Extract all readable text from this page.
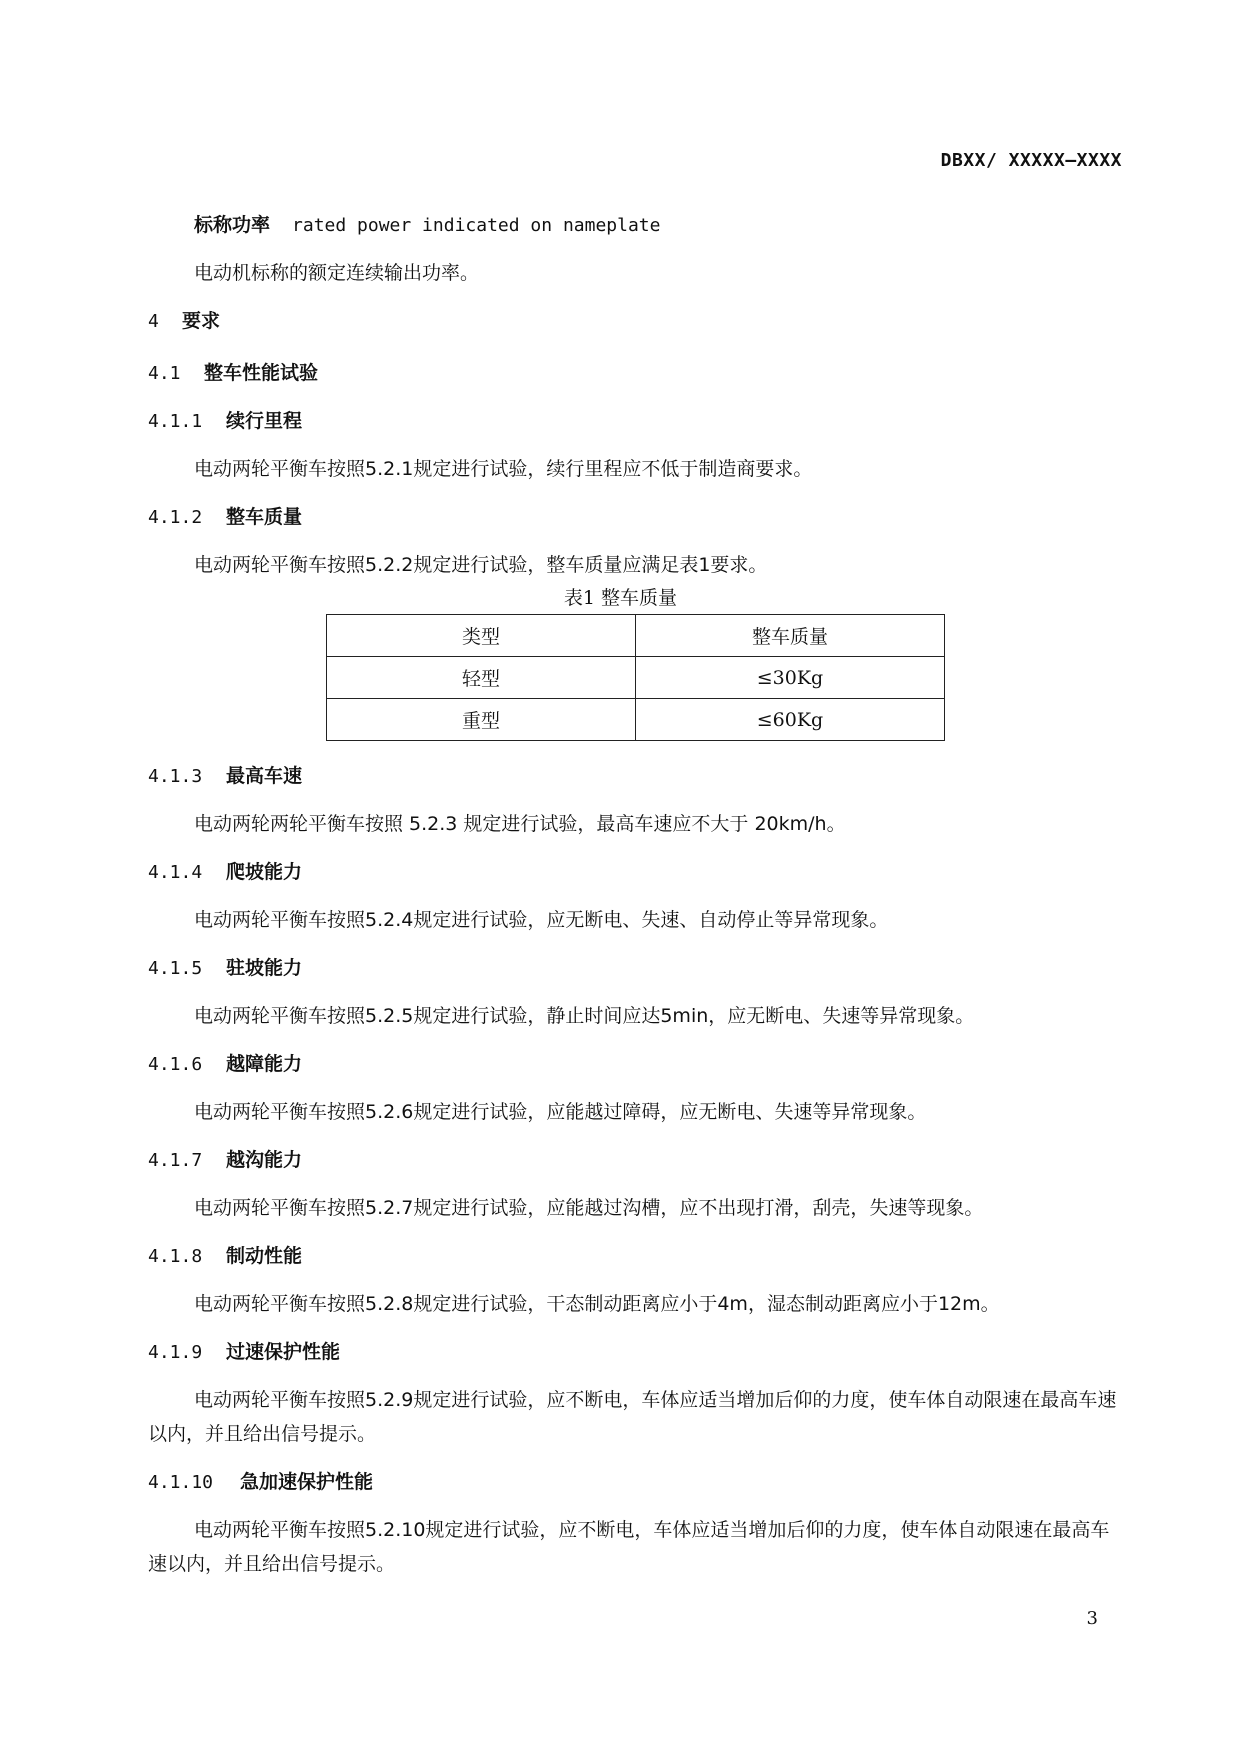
DBXX/ XXXXX—XXXX
标称功率 rated power indicated on nameplate

电动机标称的额定连续输出功率。

4 要求
4.1 整车性能试验
4.1.1 续行里程

电动两轮平衡车按照5.2.1规定进行试验，续行里程应不低于制造商要求。

4.1.2 整车质量

电动两轮平衡车按照5.2.2规定进行试验，整车质量应满足表1要求。

表1 整车质量
类型	整车质量
轻型	≤30Kg
重型	≤60Kg
4.1.3 最高车速

电动两轮两轮平衡车按照 5.2.3 规定进行试验，最高车速应不大于 20km/h。

4.1.4 爬坡能力

电动两轮平衡车按照5.2.4规定进行试验，应无断电、失速、自动停止等异常现象。

4.1.5 驻坡能力

电动两轮平衡车按照5.2.5规定进行试验，静止时间应达5min，应无断电、失速等异常现象。

4.1.6 越障能力

电动两轮平衡车按照5.2.6规定进行试验，应能越过障碍，应无断电、失速等异常现象。

4.1.7 越沟能力

电动两轮平衡车按照5.2.7规定进行试验，应能越过沟槽，应不出现打滑，刮壳，失速等现象。

4.1.8 制动性能

电动两轮平衡车按照5.2.8规定进行试验，干态制动距离应小于4m，湿态制动距离应小于12m。

4.1.9 过速保护性能

电动两轮平衡车按照5.2.9规定进行试验，应不断电，车体应适当增加后仰的力度，使车体自动限速在最高车速以内，并且给出信号提示。

4.1.10 急加速保护性能

电动两轮平衡车按照5.2.10规定进行试验，应不断电，车体应适当增加后仰的力度，使车体自动限速在最高车速以内，并且给出信号提示。

3
